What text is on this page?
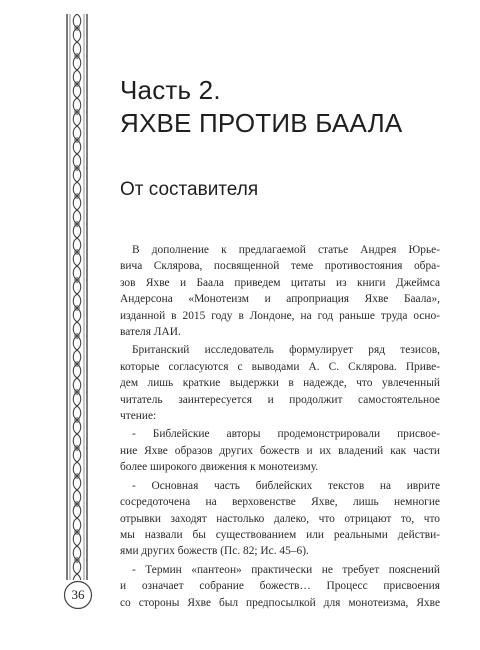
36
Часть 2.
ЯХВЕ ПРОТИВ БААЛА
От составителя
В дополнение к предлагаемой статье Андрея Юрье-
вича Склярова, посвященной теме противостояния обра-
зов Яхве и Баала приведем цитаты из книги Джеймса
Андерсона «Монотеизм и апроприация Яхве Баала»,
изданной в 2015 году в Лондоне, на год раньше труда осно-
вателя ЛАИ.
Британский исследователь формулирует ряд тезисов,
которые согласуются с выводами А. С. Склярова. Приве-
дем лишь краткие выдержки в надежде, что увлеченный
читатель заинтересуется и продолжит самостоятельное
чтение:
- Библейские авторы продемонстрировали присвое-
ние Яхве образов других божеств и их владений как части
более широкого движения к монотеизму.
- Основная часть библейских текстов на иврите
сосредоточена на верховенстве Яхве, лишь немногие
отрывки заходят настолько далеко, что отрицают то, что
мы назвали бы существованием или реальными действи-
ями других божеств (Пс. 82; Ис. 45–6).
- Термин «пантеон» практически не требует пояснений
и означает собрание божеств… Процесс присвоения
со стороны Яхве был предпосылкой для монотеизма, Яхве
